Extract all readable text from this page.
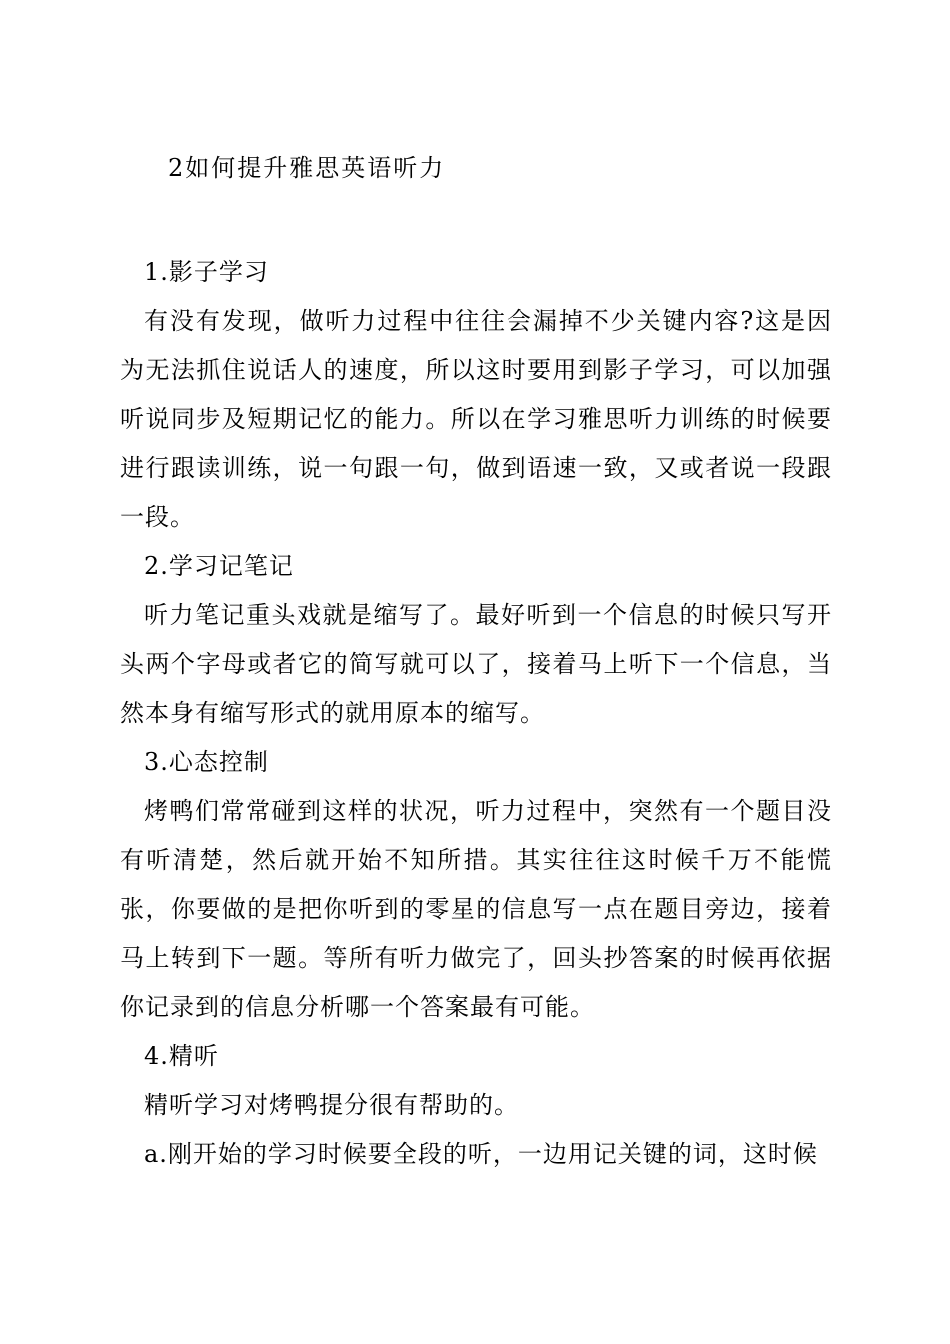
2如何提升雅思英语听力

1.影子学习

有没有发现，做听力过程中往往会漏掉不少关键内容?这是因为无法抓住说话人的速度，所以这时要用到影子学习，可以加强听说同步及短期记忆的能力。所以在学习雅思听力训练的时候要进行跟读训练，说一句跟一句，做到语速一致，又或者说一段跟一段。

2.学习记笔记

听力笔记重头戏就是缩写了。最好听到一个信息的时候只写开头两个字母或者它的简写就可以了，接着马上听下一个信息，当然本身有缩写形式的就用原本的缩写。

3.心态控制

烤鸭们常常碰到这样的状况，听力过程中，突然有一个题目没有听清楚，然后就开始不知所措。其实往往这时候千万不能慌张，你要做的是把你听到的零星的信息写一点在题目旁边，接着马上转到下一题。等所有听力做完了，回头抄答案的时候再依据你记录到的信息分析哪一个答案最有可能。

4.精听

精听学习对烤鸭提分很有帮助的。

a.刚开始的学习时候要全段的听，一边用记关键的词，这时候
